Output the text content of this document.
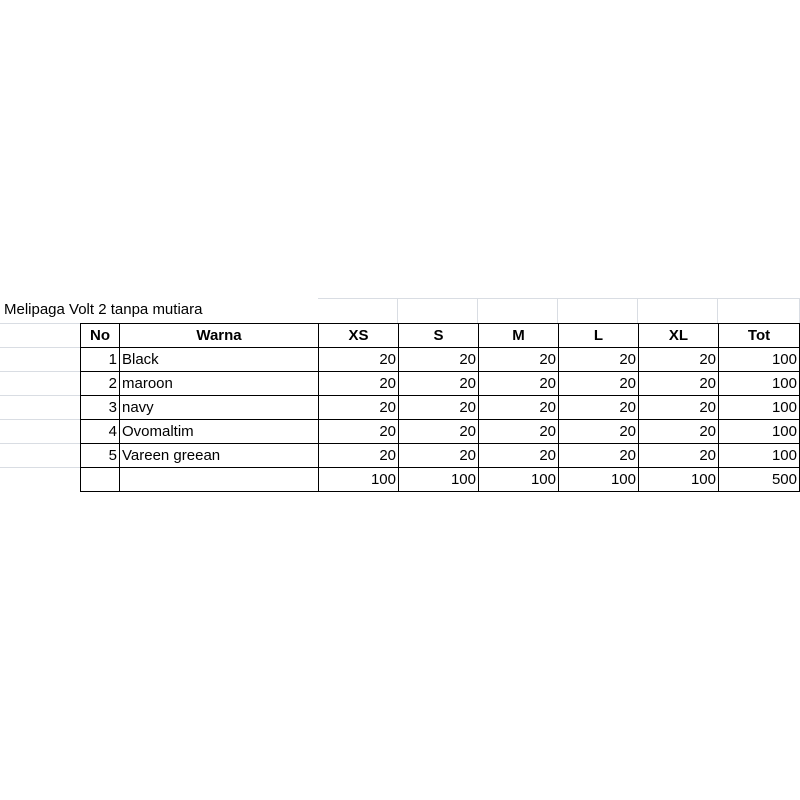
Melipaga Volt 2 tanpa mutiara
No	Warna	XS	S	M	L	XL	Tot
1	Black	20	20	20	20	20	100
2	maroon	20	20	20	20	20	100
3	navy	20	20	20	20	20	100
4	Ovomaltim	20	20	20	20	20	100
5	Vareen greean	20	20	20	20	20	100
		100	100	100	100	100	500
